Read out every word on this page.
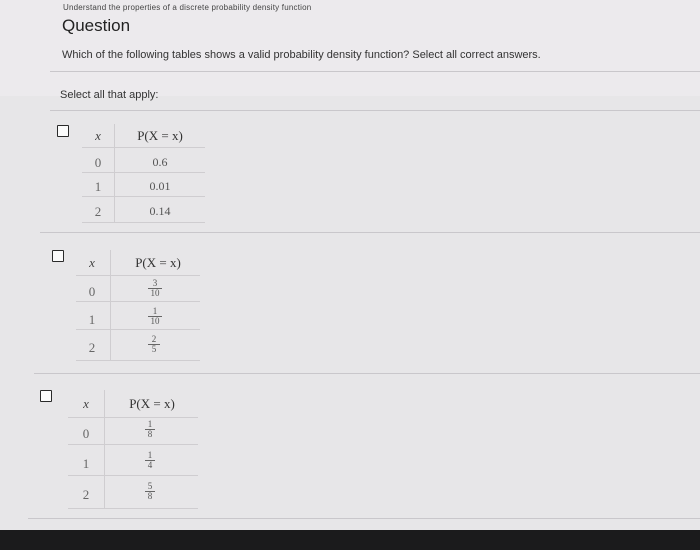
Understand the properties of a discrete probability density function
Question
Which of the following tables shows a valid probability density function? Select all correct answers.
Select all that apply:
x	P(X = x)
0	0.6
1	0.01
2	0.14
x	P(X = x)
0	$\frac{3}{10}$
1	$\frac{1}{10}$
2	$\frac{2}{5}$
x	P(X = x)
0	$\frac{1}{8}$
1	$\frac{1}{4}$
2	$\frac{5}{8}$
